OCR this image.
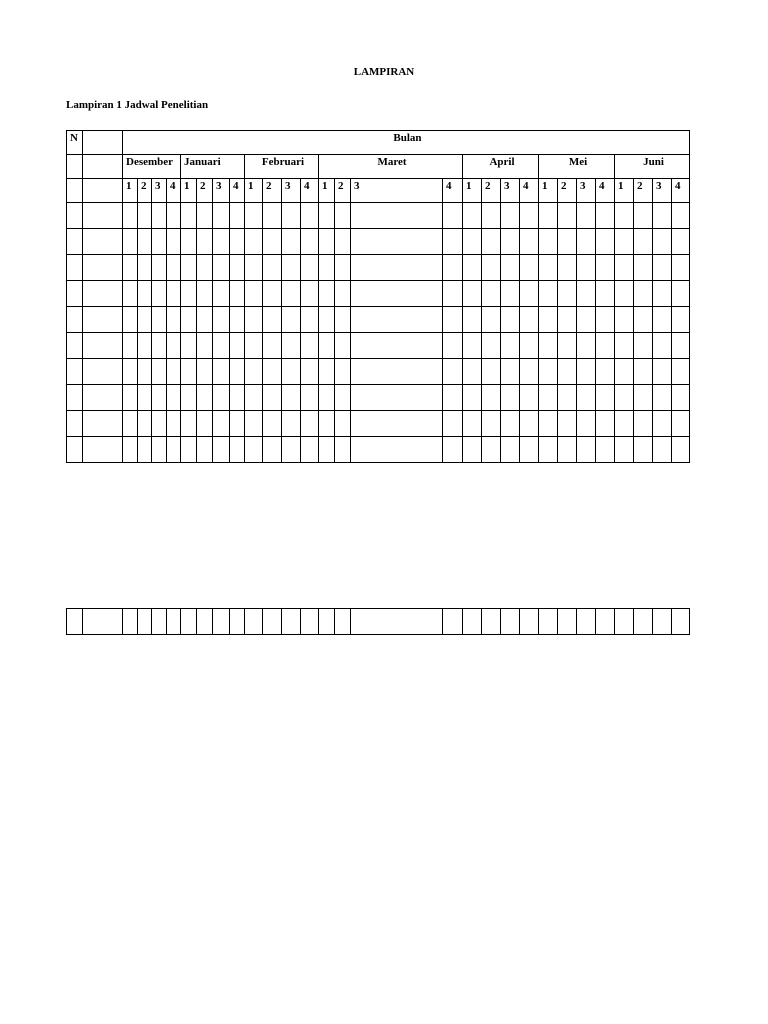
LAMPIRAN
Lampiran 1 Jadwal Penelitian
N		Bulan																											
		Desember				Januari				Februari				Maret				April				Mei				Juni			
		1	2	3	4	1	2	3	4	1	2	3	4	1	2	3	4	1	2	3	4	1	2	3	4	1	2	3	4
